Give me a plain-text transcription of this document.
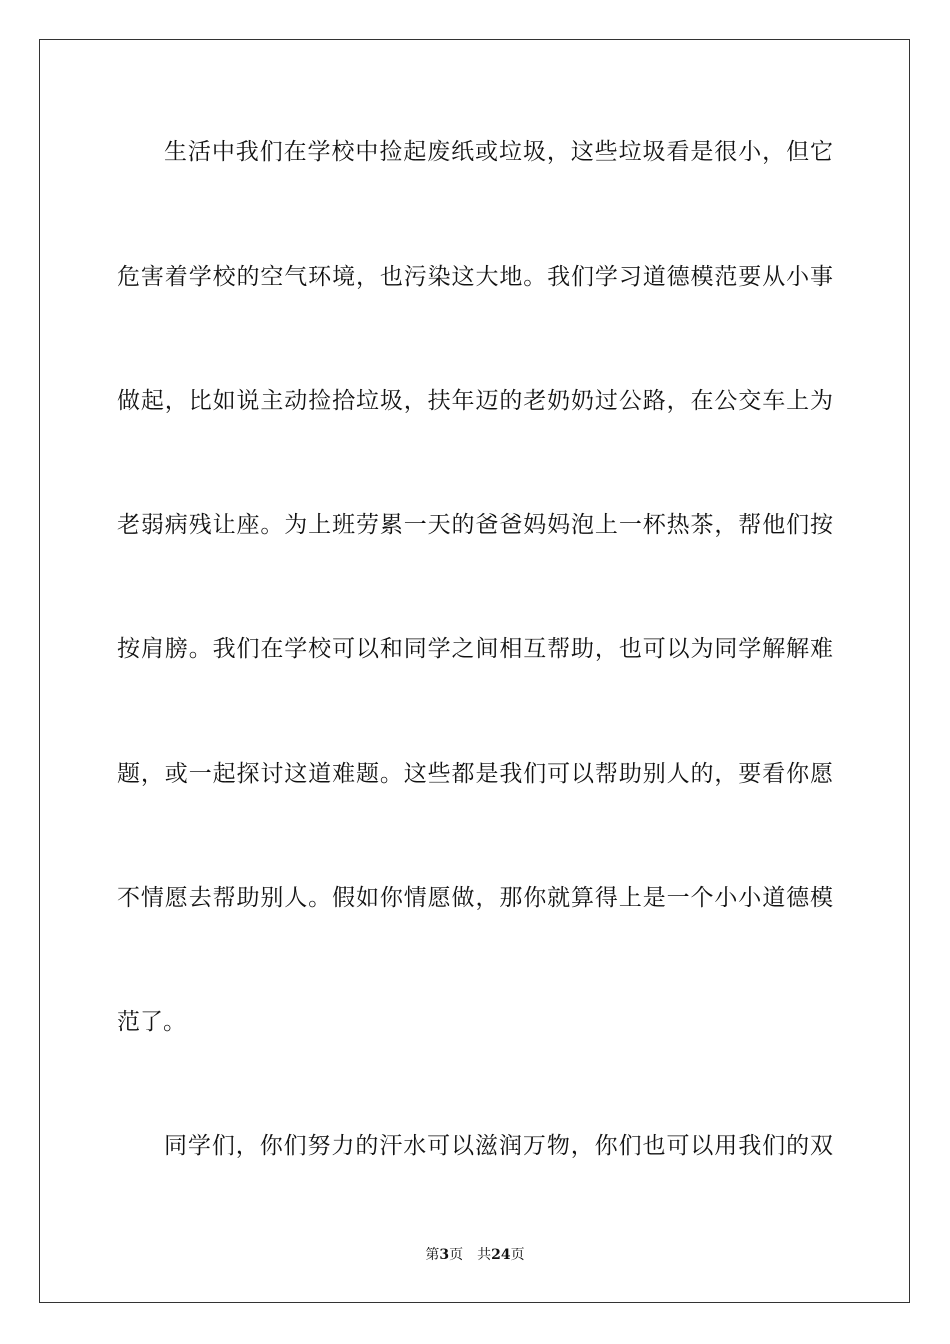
生活中我们在学校中捡起废纸或垃圾，这些垃圾看是很小，但它
危害着学校的空气环境，也污染这大地。我们学习道德模范要从小事
做起，比如说主动捡拾垃圾，扶年迈的老奶奶过公路，在公交车上为
老弱病残让座。为上班劳累一天的爸爸妈妈泡上一杯热茶，帮他们按
按肩膀。我们在学校可以和同学之间相互帮助，也可以为同学解解难
题，或一起探讨这道难题。这些都是我们可以帮助别人的，要看你愿
不情愿去帮助别人。假如你情愿做，那你就算得上是一个小小道德模
范了。
同学们，你们努力的汗水可以滋润万物，你们也可以用我们的双
第3页 共24页
